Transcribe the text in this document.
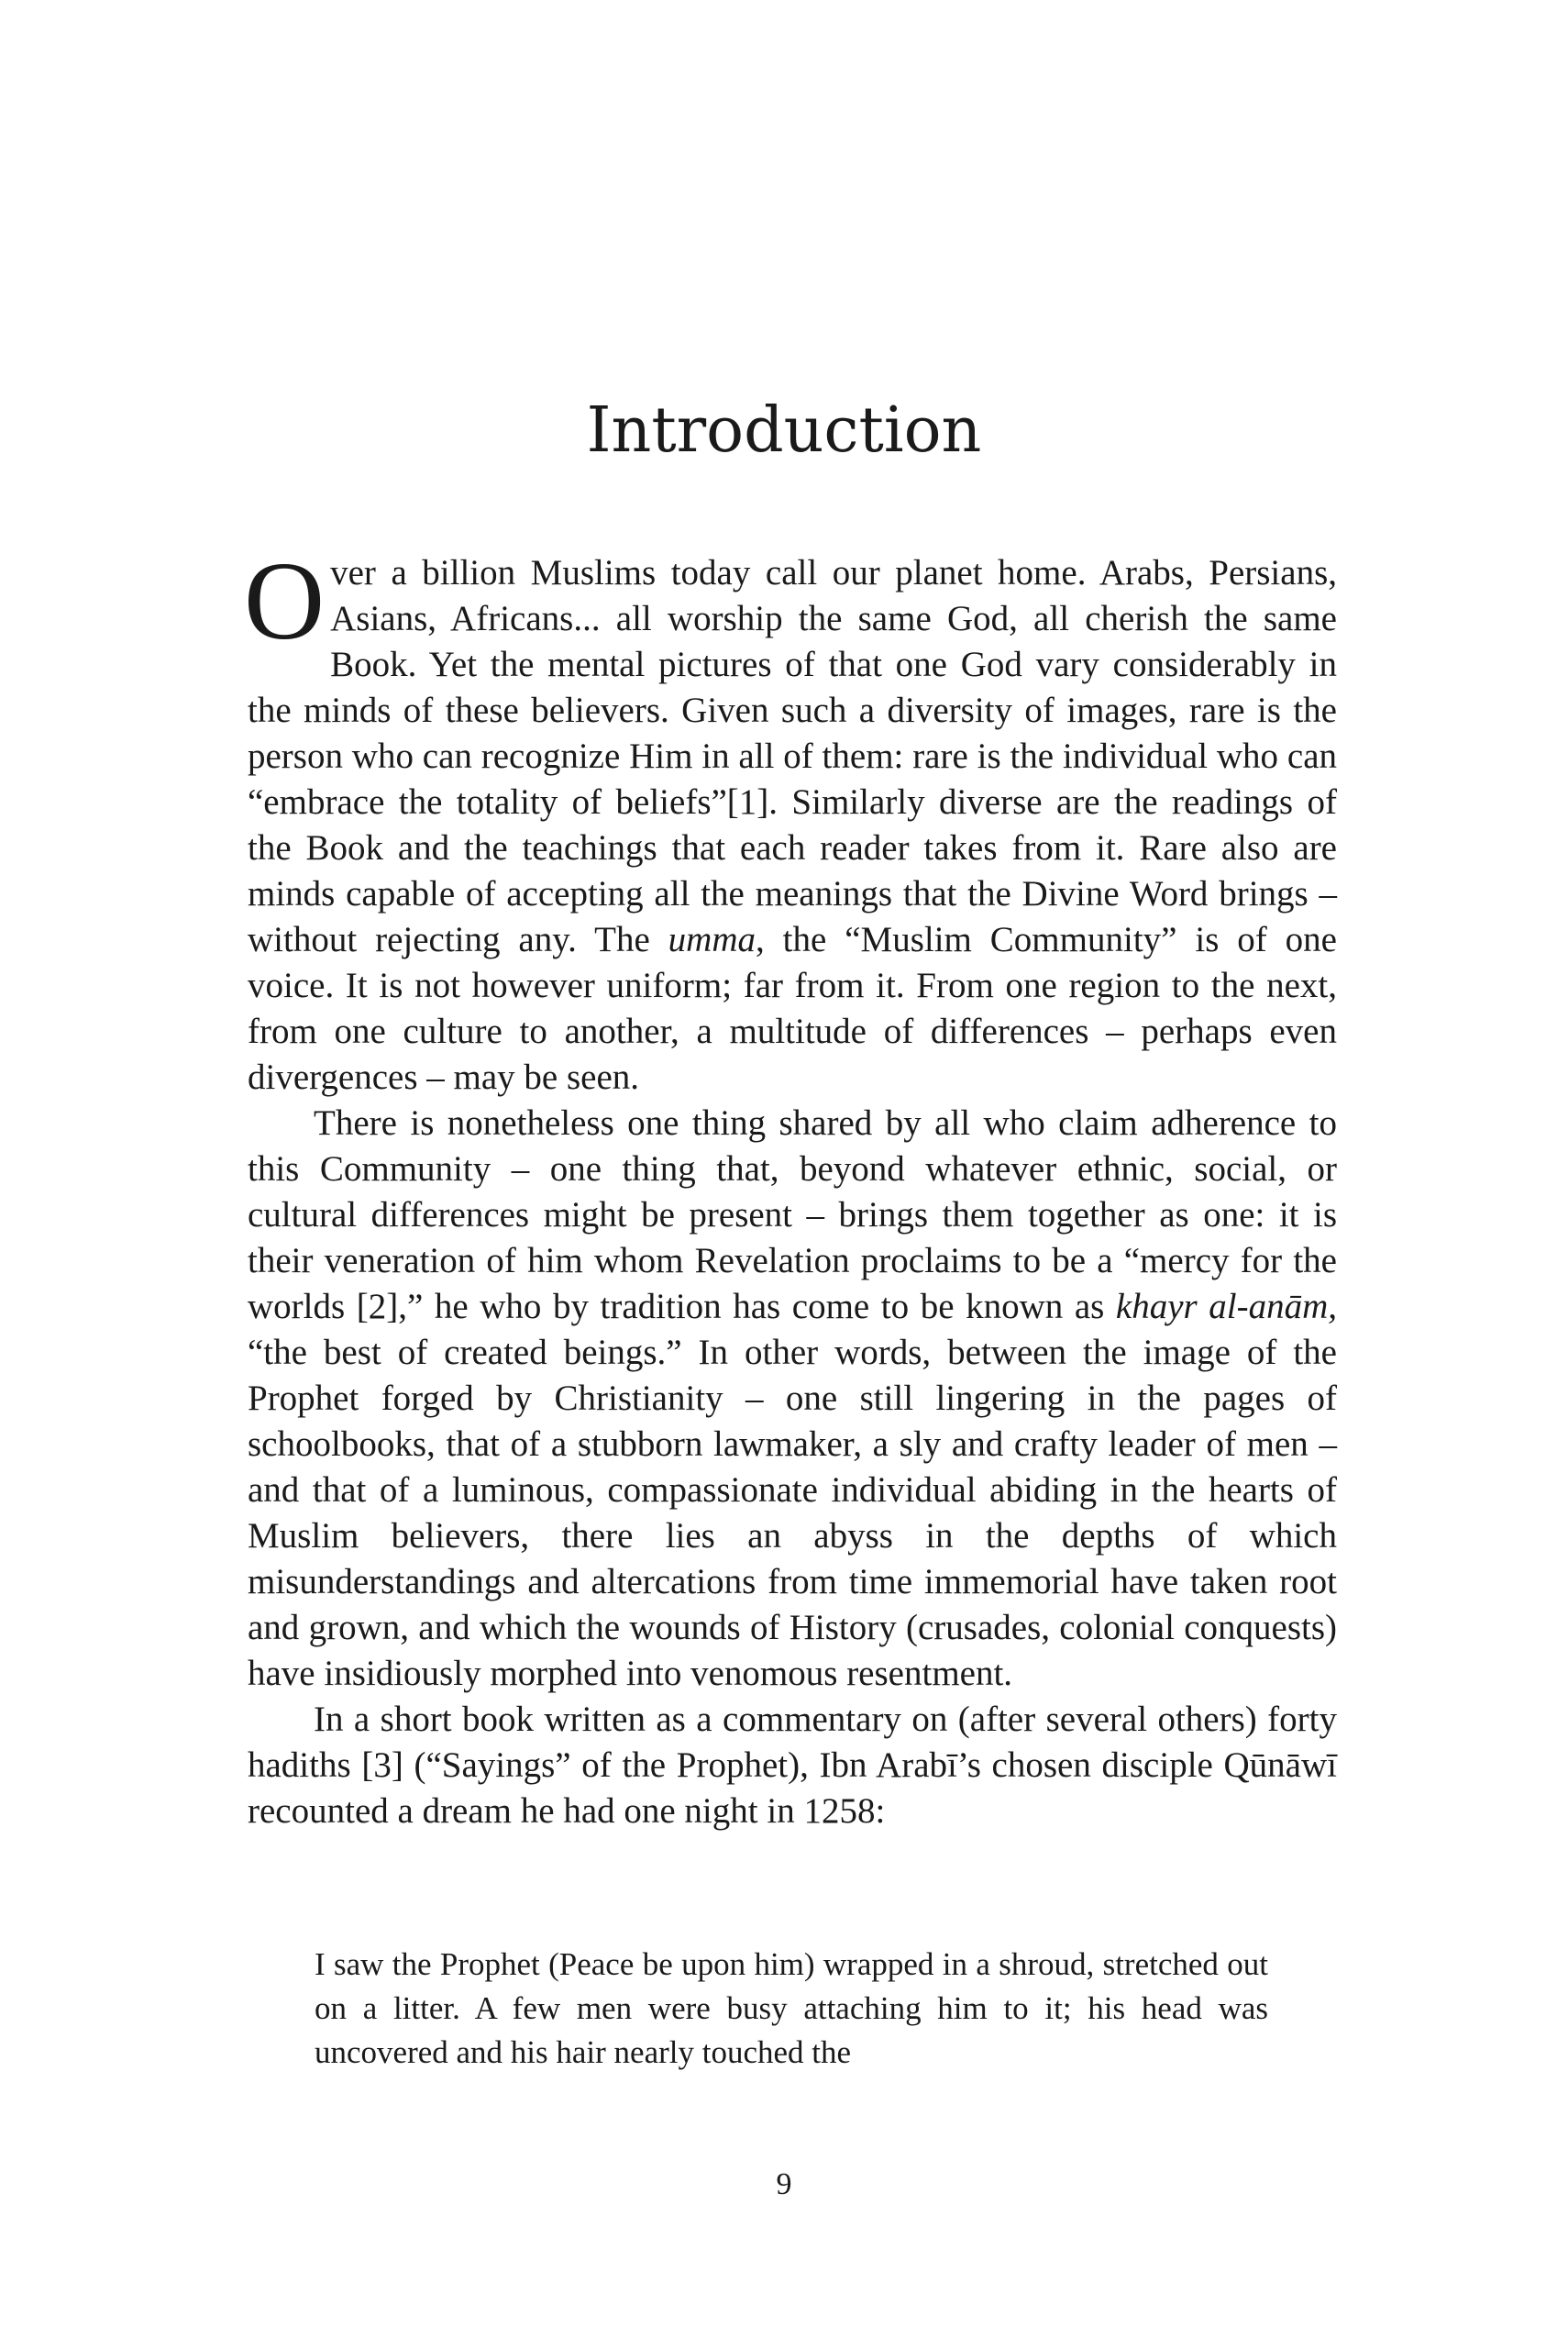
Introduction

Over a billion Muslims today call our planet home. Arabs, Persians, Asians, Africans... all worship the same God, all cherish the same Book. Yet the mental pictures of that one God vary considerably in the minds of these believers. Given such a diversity of images, rare is the person who can recognize Him in all of them: rare is the individual who can “embrace the totality of beliefs”[1]. Similarly diverse are the readings of the Book and the teachings that each reader takes from it. Rare also are minds capable of accepting all the meanings that the Divine Word brings – without rejecting any. The umma, the “Muslim Community” is of one voice. It is not however uniform; far from it. From one region to the next, from one culture to another, a multitude of differences – perhaps even divergences – may be seen.

There is nonetheless one thing shared by all who claim adherence to this Community – one thing that, beyond whatever ethnic, social, or cultural differences might be present – brings them together as one: it is their veneration of him whom Revelation proclaims to be a “mercy for the worlds [2],” he who by tradition has come to be known as khayr al-anām, “the best of created beings.” In other words, between the image of the Prophet forged by Christianity – one still lingering in the pages of schoolbooks, that of a stubborn lawmaker, a sly and crafty leader of men – and that of a luminous, compassionate individual abiding in the hearts of Muslim believers, there lies an abyss in the depths of which misunderstandings and altercations from time immemorial have taken root and grown, and which the wounds of History (crusades, colonial conquests) have insidiously morphed into venomous resentment.

In a short book written as a commentary on (after several others) forty hadiths [3] (“Sayings” of the Prophet), Ibn Arabī’s chosen disciple Qūnāwī recounted a dream he had one night in 1258:

I saw the Prophet (Peace be upon him) wrapped in a shroud, stretched out on a litter. A few men were busy attaching him to it; his head was uncovered and his hair nearly touched the

9
